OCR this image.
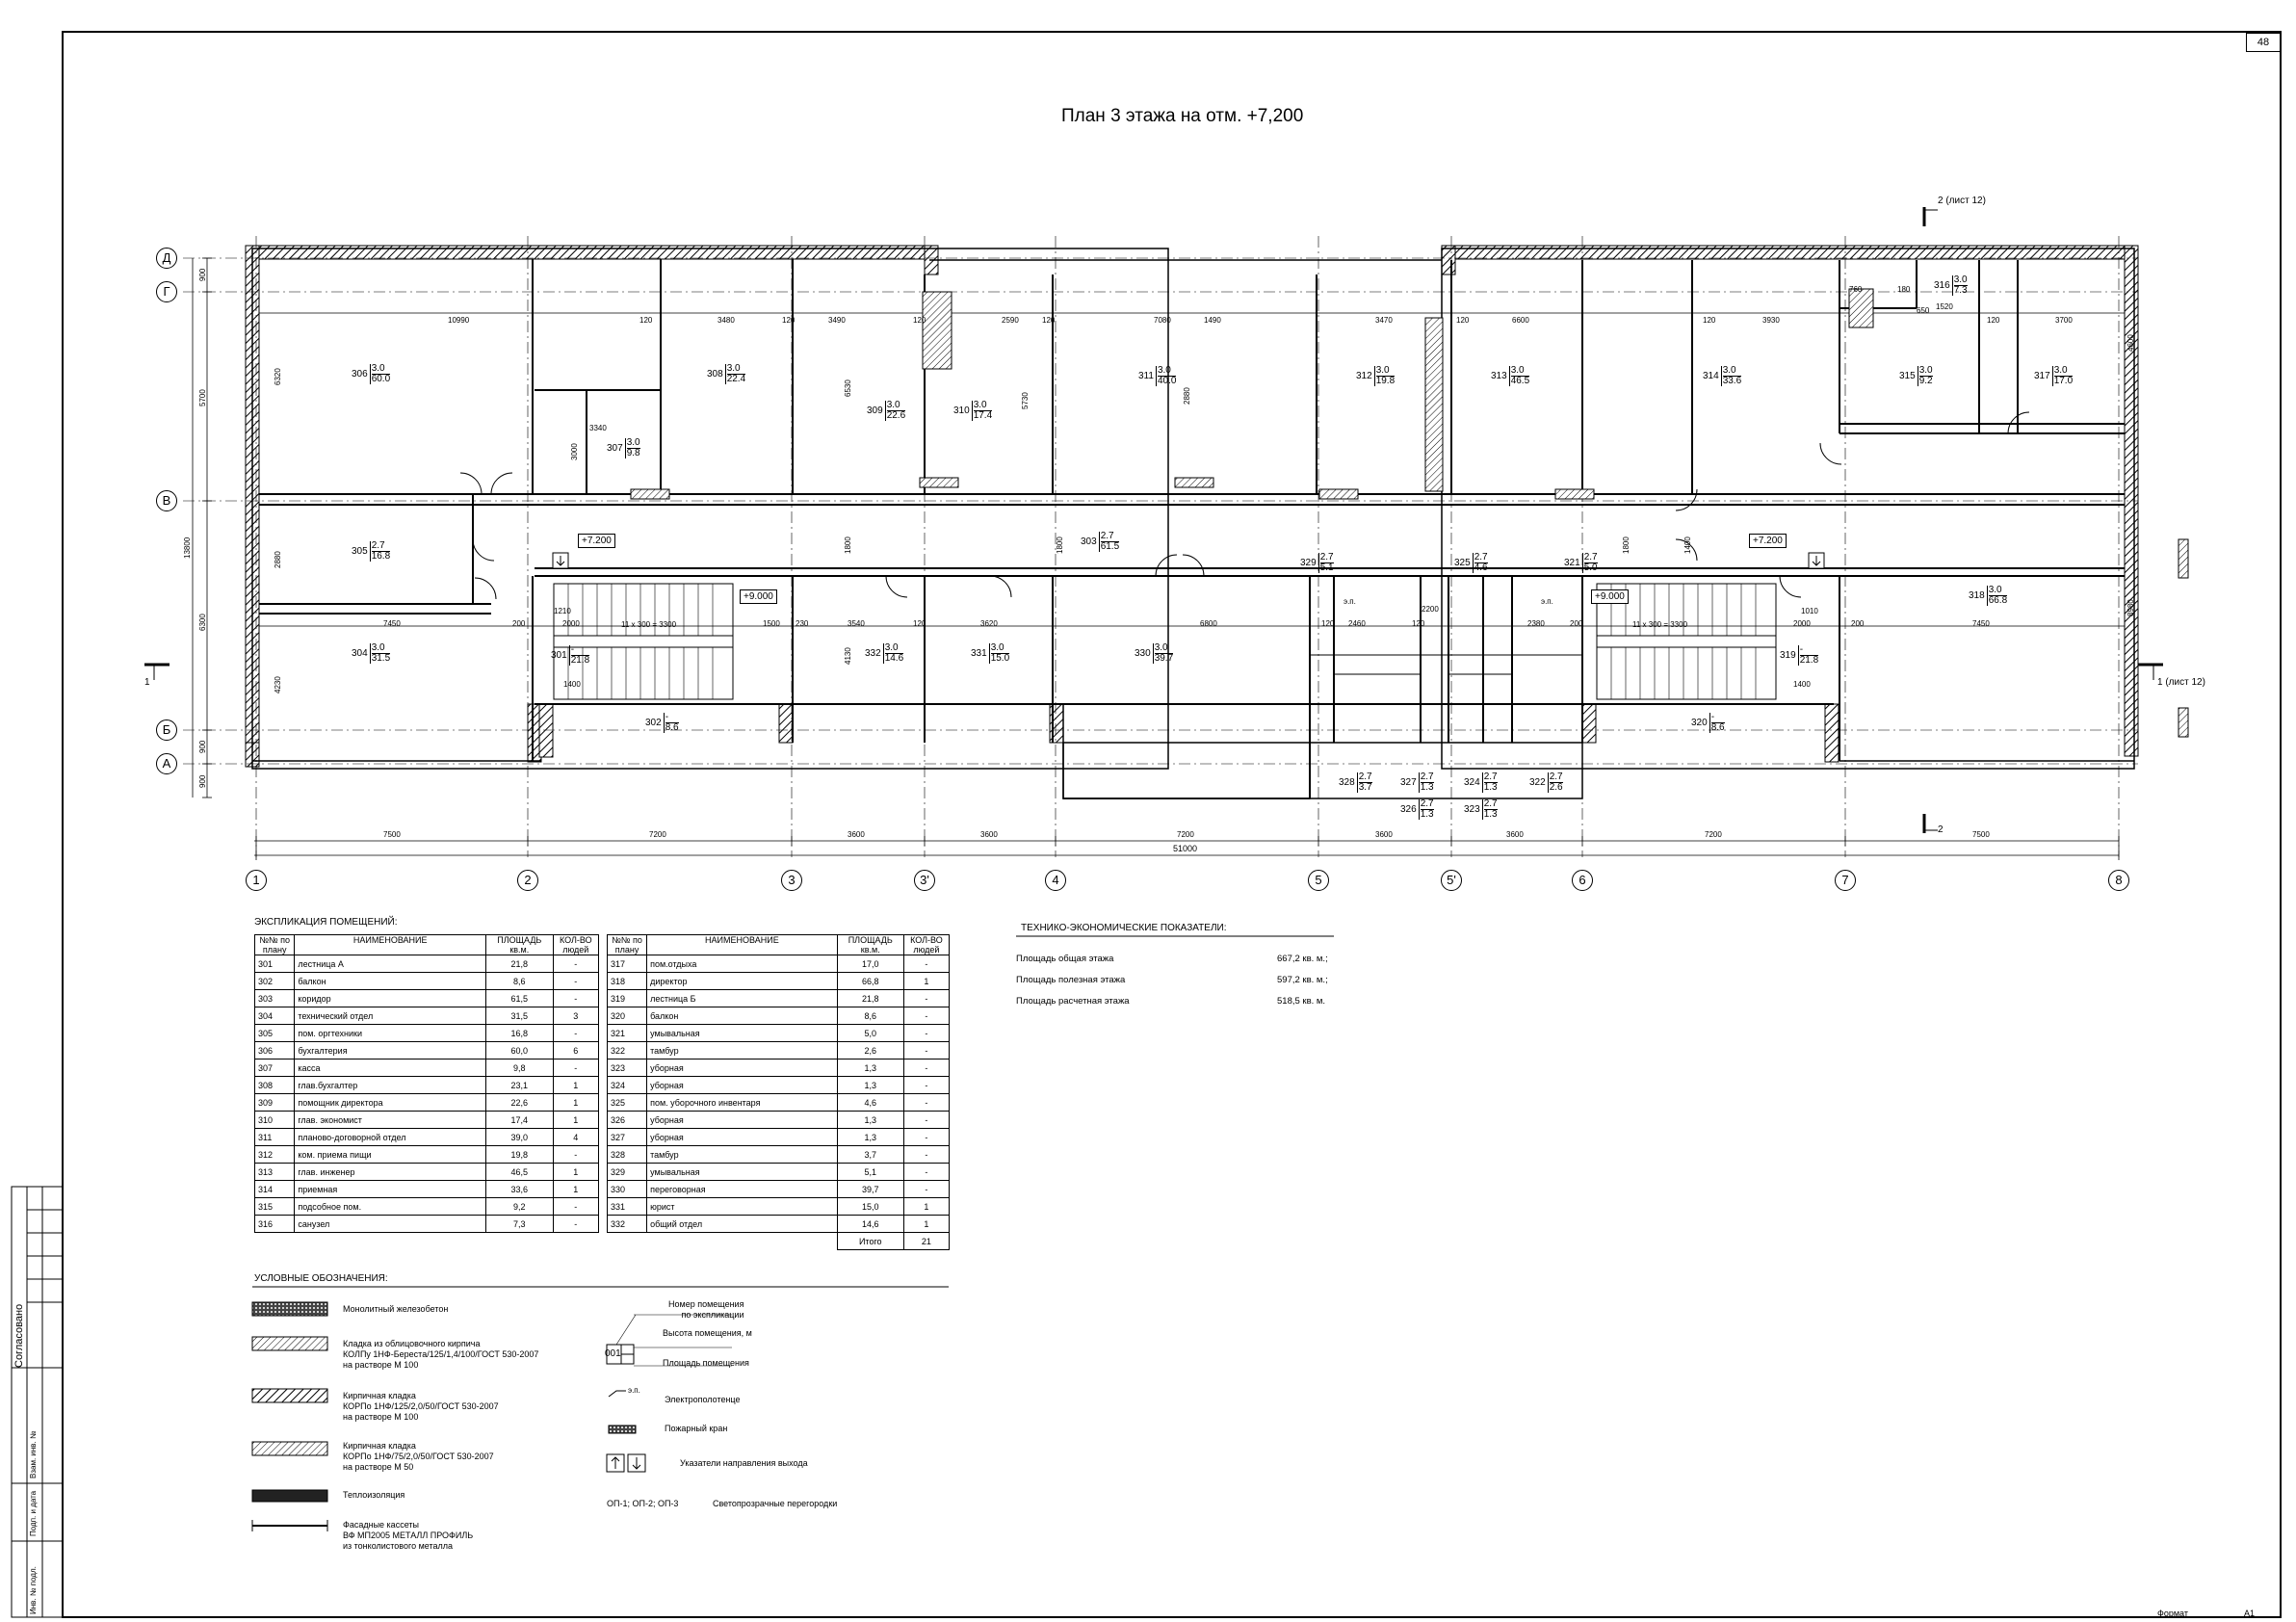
План 3 этажа на отм. +7,200
48
Формат	А1
Согласовано
Взам. инв. №
Подп. и дата
Инв. № подл.
1	2	3	3'	4	5	5'	6	7	8
Д
Г
В
Б
А
7500	7200	3600	3600	7200	3600	3600	7200	7500
51000
13800
900
5700
6300
900
900
6320
2880
4230
2 (лист 12)
1 (лист 12)
1
2
+7.200	+7.200
+9.000	+9.000
11 x 300 = 3300	11 x 300 = 3300
э.п.	э.п.
10990	120	3480	120	3490	120	2590	120	7080	3470	120	6600	120	3930	120	3700
7450	200	2000	1500 230	3540	120	3620	6800	120 2460	120
2200
2380	200	2000	200	7450
1210
1400	1400
1010
3340
3000
5730
6530
4130
1800	1800	1800	1400
4600
8980
760
650
180
1520
2880
1490
$306 \frac{3.0}{60.0}$	$308 \frac{3.0}{22.4}$
$307 \frac{3.0}{9.8}$
$309 \frac{3.0}{22.6}$	$310 \frac{3.0}{17.4}$
$311 \frac{3.0}{40.0}$	$312 \frac{3.0}{19.8}$	$313 \frac{3.0}{46.5}$	$314 \frac{3.0}{33.6}$	$315 \frac{3.0}{9.2}$
$316 \frac{3.0}{7.3}$
$317 \frac{3.0}{17.0}$
$305 \frac{2.7}{16.8}$	$303 \frac{2.7}{61.5}$
$329 \frac{2.7}{5.1}$	$325 \frac{2.7}{4.6}$	$321 \frac{2.7}{5.0}$
$318 \frac{3.0}{66.8}$
$304 \frac{3.0}{31.5}$	$301 \frac{-}{21.8}$	$332 \frac{3.0}{14.6}$	$331 \frac{3.0}{15.0}$	$330 \frac{3.0}{39.7}$	$319 \frac{-}{21.8}$
$302 \frac{-}{8.6}$	$320 \frac{-}{8.6}$
$328 \frac{2.7}{3.7}$	$327 \frac{2.7}{1.3}$
$326 \frac{2.7}{1.3}$
$324 \frac{2.7}{1.3}$
$323 \frac{2.7}{1.3}$
$322 \frac{2.7}{2.6}$
ЭКСПЛИКАЦИЯ ПОМЕЩЕНИЙ:
№№ по плану	НАИМЕНОВАНИЕ	ПЛОЩАДЬ кв.м.	КОЛ-ВО людей
301	лестница А	21,8	-
302	балкон	8,6	-
303	коридор	61,5	-
304	технический отдел	31,5	3
305	пом. оргтехники	16,8	-
306	бухгалтерия	60,0	6
307	касса	9,8	-
308	глав.бухгалтер	23,1	1
309	помощник директора	22,6	1
310	глав. экономист	17,4	1
311	планово-договорной отдел	39,0	4
312	ком. приема пищи	19,8	-
313	глав. инженер	46,5	1
314	приемная	33,6	1
315	подсобное пом.	9,2	-
316	санузел	7,3	-
№№ по плану	НАИМЕНОВАНИЕ	ПЛОЩАДЬ кв.м.	КОЛ-ВО людей
317	пом.отдыха	17,0	-
318	директор	66,8	1
319	лестница Б	21,8	-
320	балкон	8,6	-
321	умывальная	5,0	-
322	тамбур	2,6	-
323	уборная	1,3	-
324	уборная	1,3	-
325	пом. уборочного инвентаря	4,6	-
326	уборная	1,3	-
327	уборная	1,3	-
328	тамбур	3,7	-
329	умывальная	5,1	-
330	переговорная	39,7	-
331	юрист	15,0	1
332	общий отдел	14,6	1
		Итого	21
ТЕХНИКО-ЭКОНОМИЧЕСКИЕ ПОКАЗАТЕЛИ:
Площадь общая этажа	667,2 кв. м.;
Площадь полезная этажа	597,2 кв. м.;
Площадь расчетная этажа	518,5 кв. м.
УСЛОВНЫЕ ОБОЗНАЧЕНИЯ:
Монолитный железобетон
Кладка из облицовочного кирпича
КОЛПу 1НФ-Береста/125/1,4/100/ГОСТ 530-2007
на растворе М 100
Кирпичная кладка
КОРПо 1НФ/125/2,0/50/ГОСТ 530-2007
на растворе М 100
Кирпичная кладка
КОРПо 1НФ/75/2,0/50/ГОСТ 530-2007
на растворе М 50
Теплоизоляция
Фасадные кассеты
ВФ МП2005 МЕТАЛЛ ПРОФИЛЬ
из тонколистового металла
Номер помещения
по экспликации
Высота помещения, м
Площадь помещения
001
э.п.
Электрополотенце
Пожарный кран
Указатели направления выхода
ОП-1; ОП-2; ОП-3	Светопрозрачные перегородки
